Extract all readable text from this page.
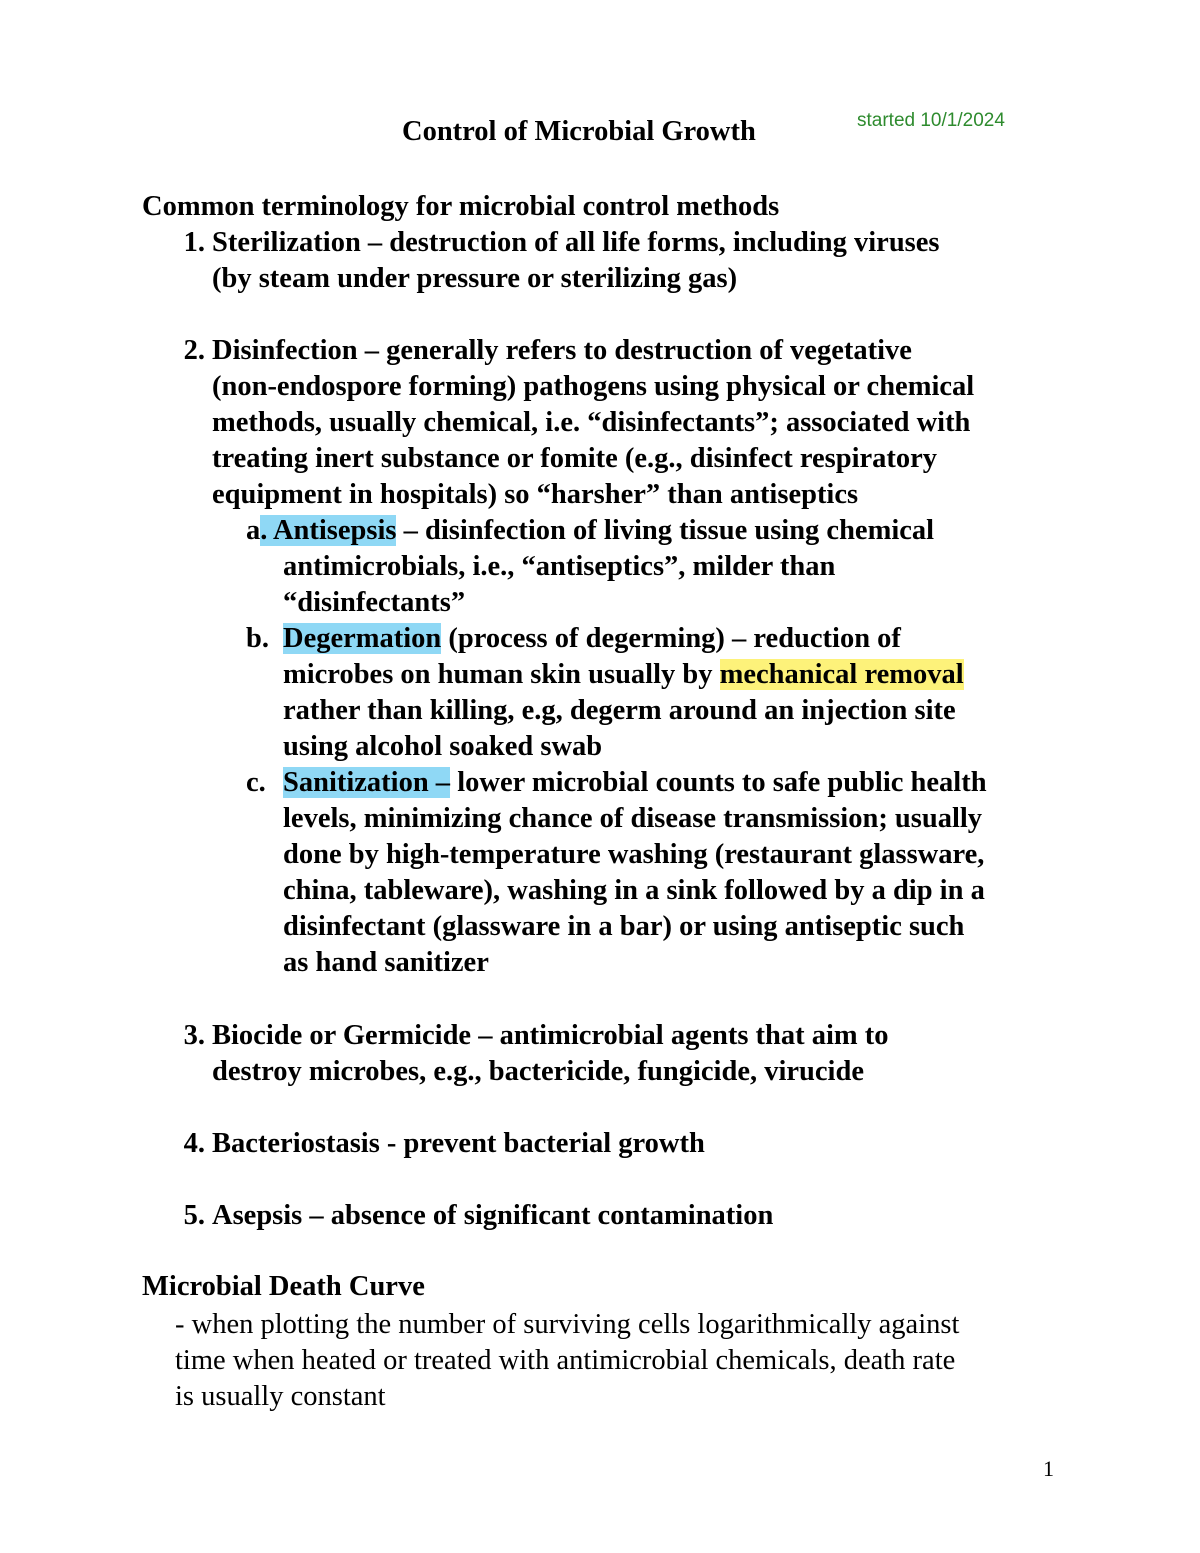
Control of Microbial Growth	started 10/1/2024
Common terminology for microbial control methods
1. Sterilization – destruction of all life forms, including viruses
(by steam under pressure or sterilizing gas)
2. Disinfection – generally refers to destruction of vegetative
(non-endospore forming) pathogens using physical or chemical
methods, usually chemical, i.e. “disinfectants”; associated with
treating inert substance or fomite (e.g., disinfect respiratory
equipment in hospitals) so “harsher” than antiseptics
a. Antisepsis – disinfection of living tissue using chemical
antimicrobials, i.e., “antiseptics”, milder than
“disinfectants”
b. Degermation (process of degerming) – reduction of
microbes on human skin usually by mechanical removal
rather than killing, e.g, degerm around an injection site
using alcohol soaked swab
c. Sanitization – lower microbial counts to safe public health
levels, minimizing chance of disease transmission; usually
done by high-temperature washing (restaurant glassware,
china, tableware), washing in a sink followed by a dip in a
disinfectant (glassware in a bar) or using antiseptic such
as hand sanitizer
3. Biocide or Germicide – antimicrobial agents that aim to
destroy microbes, e.g., bactericide, fungicide, virucide
4. Bacteriostasis - prevent bacterial growth
5. Asepsis – absence of significant contamination
Microbial Death Curve
- when plotting the number of surviving cells logarithmically against
time when heated or treated with antimicrobial chemicals, death rate
is usually constant
1
